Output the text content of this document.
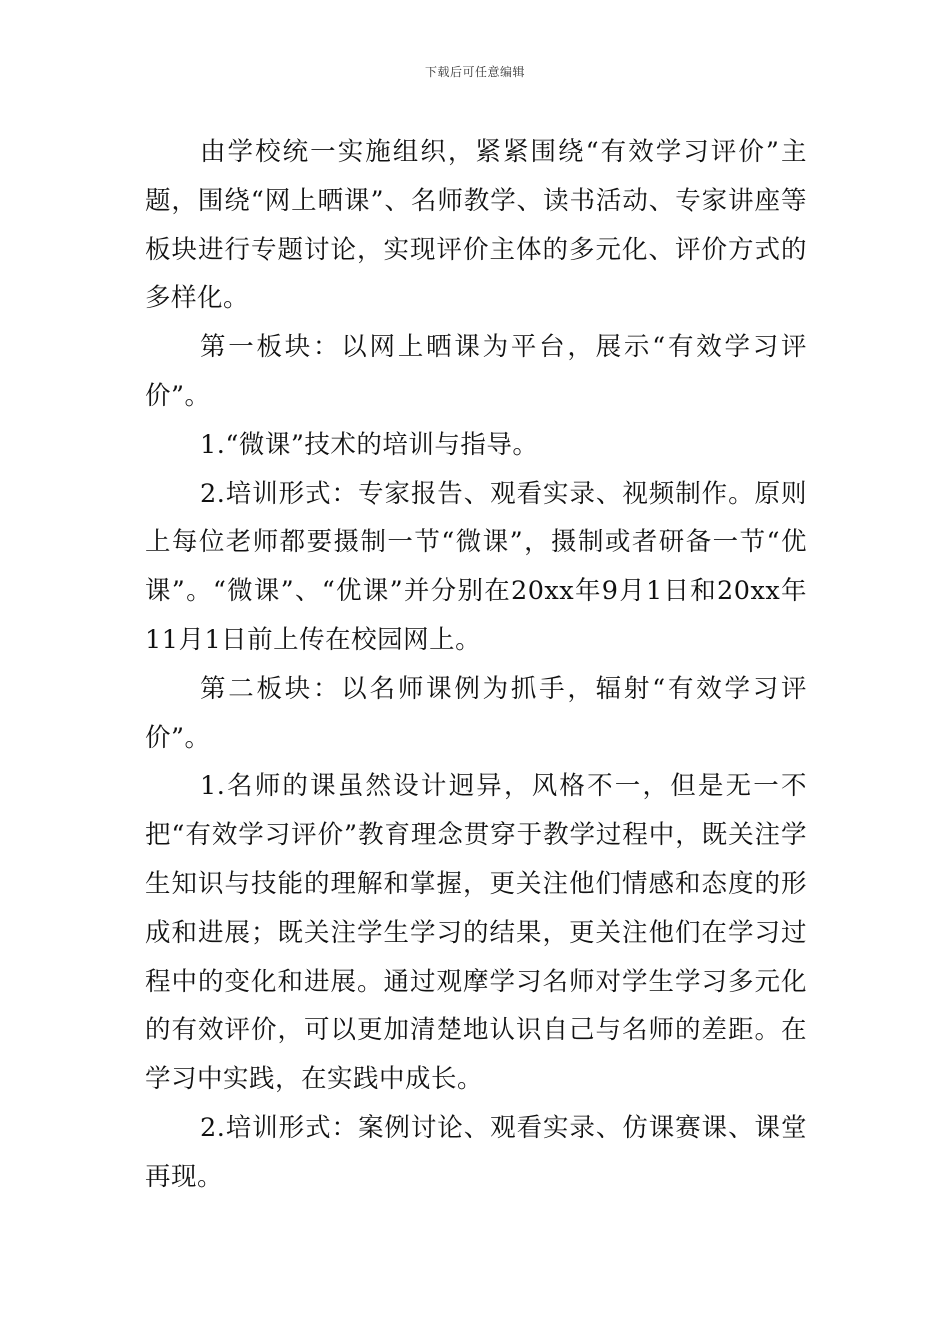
下载后可任意编辑

由学校统一实施组织，紧紧围绕“有效学习评价”主题，围绕“网上晒课”、名师教学、读书活动、专家讲座等板块进行专题讨论，实现评价主体的多元化、评价方式的多样化。

第一板块：以网上晒课为平台，展示“有效学习评价”。

1.“微课”技术的培训与指导。

2.培训形式：专家报告、观看实录、视频制作。原则上每位老师都要摄制一节“微课”，摄制或者研备一节“优课”。“微课”、“优课”并分别在20xx年9月1日和20xx年11月1日前上传在校园网上。

第二板块：以名师课例为抓手，辐射“有效学习评价”。

1.名师的课虽然设计迥异，风格不一，但是无一不把“有效学习评价”教育理念贯穿于教学过程中，既关注学生知识与技能的理解和掌握，更关注他们情感和态度的形成和进展；既关注学生学习的结果，更关注他们在学习过程中的变化和进展。通过观摩学习名师对学生学习多元化的有效评价，可以更加清楚地认识自己与名师的差距。在学习中实践，在实践中成长。

2.培训形式：案例讨论、观看实录、仿课赛课、课堂再现。
